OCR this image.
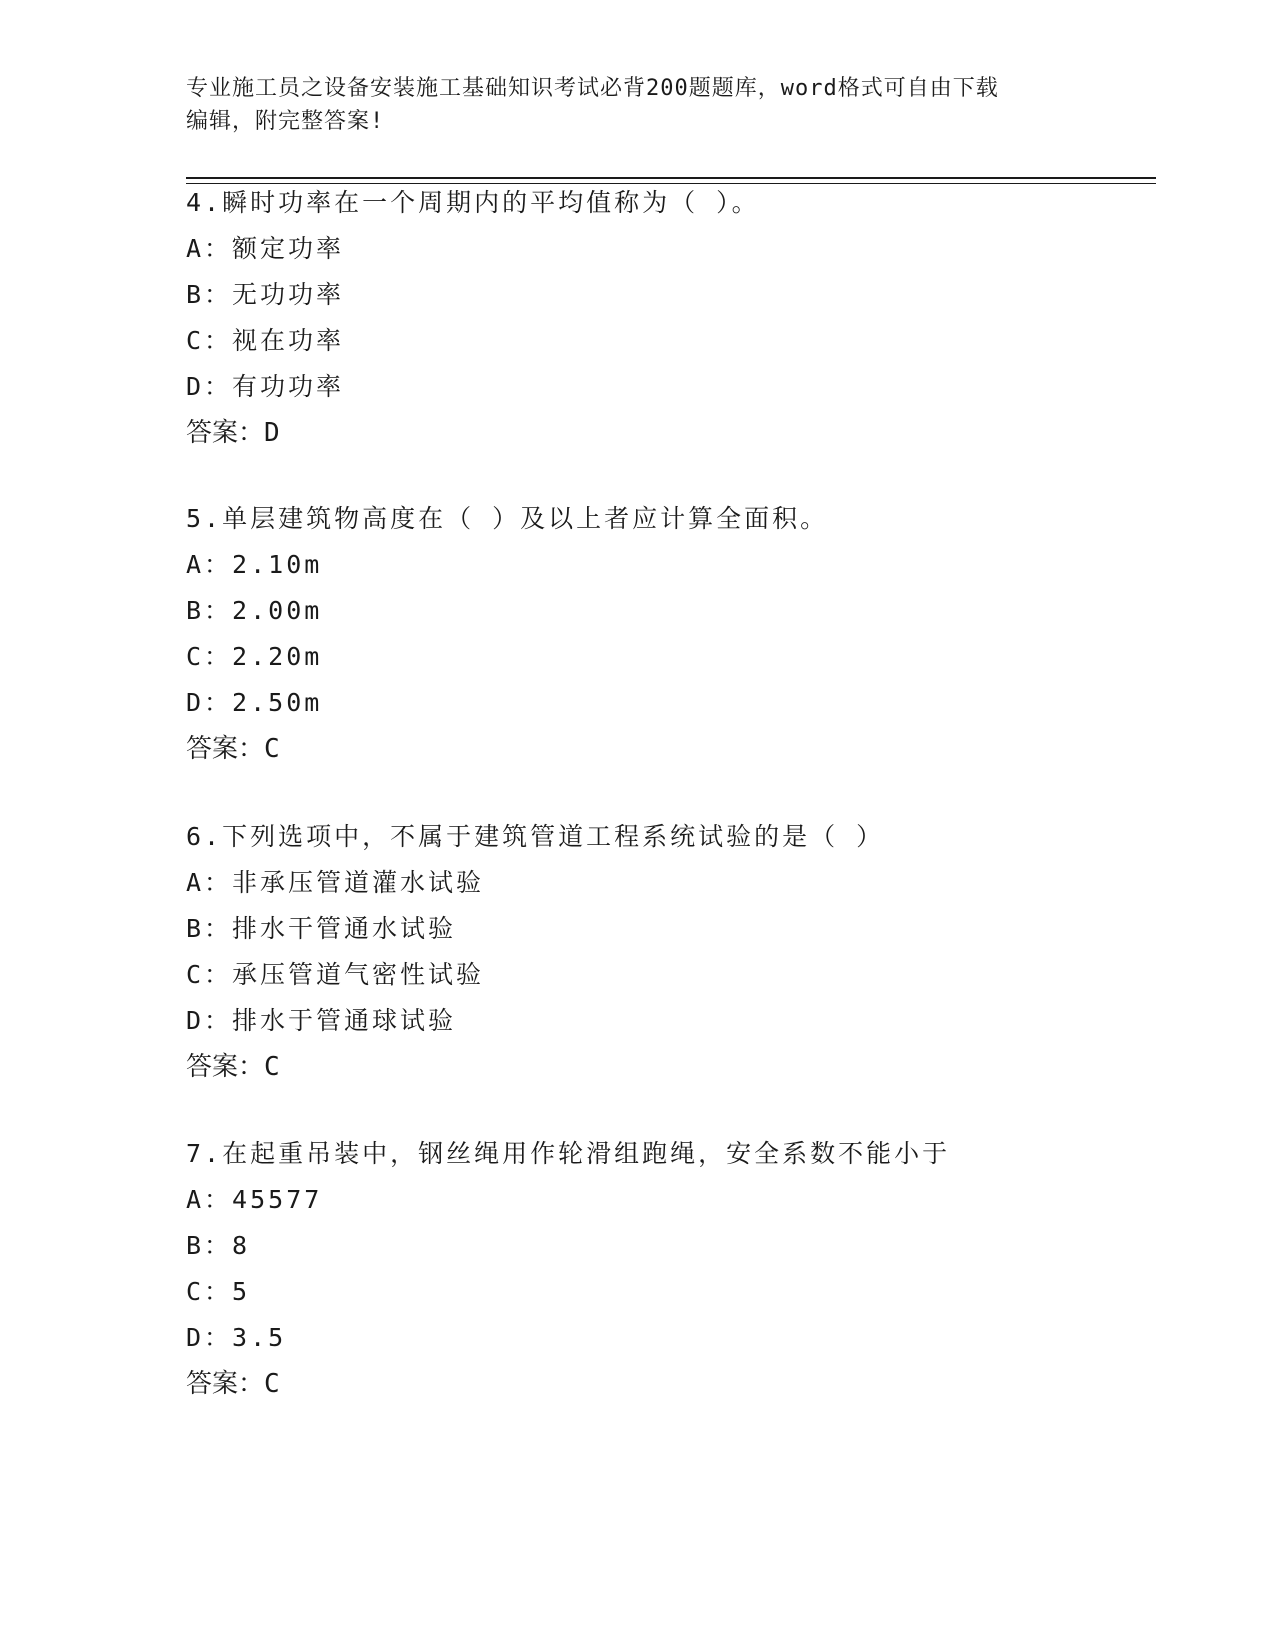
专业施工员之设备安装施工基础知识考试必背200题题库，word格式可自由下载
编辑，附完整答案!
4.瞬时功率在一个周期内的平均值称为（ ）。
A：额定功率
B：无功功率
C：视在功率
D：有功功率
答案：D
5.单层建筑物高度在（ ）及以上者应计算全面积。
A：2.10m
B：2.00m
C：2.20m
D：2.50m
答案：C
6.下列选项中，不属于建筑管道工程系统试验的是（ ）
A：非承压管道灌水试验
B：排水干管通水试验
C：承压管道气密性试验
D：排水于管通球试验
答案：C
7.在起重吊装中，钢丝绳用作轮滑组跑绳，安全系数不能小于
A：45577
B：8
C：5
D：3.5
答案：C
